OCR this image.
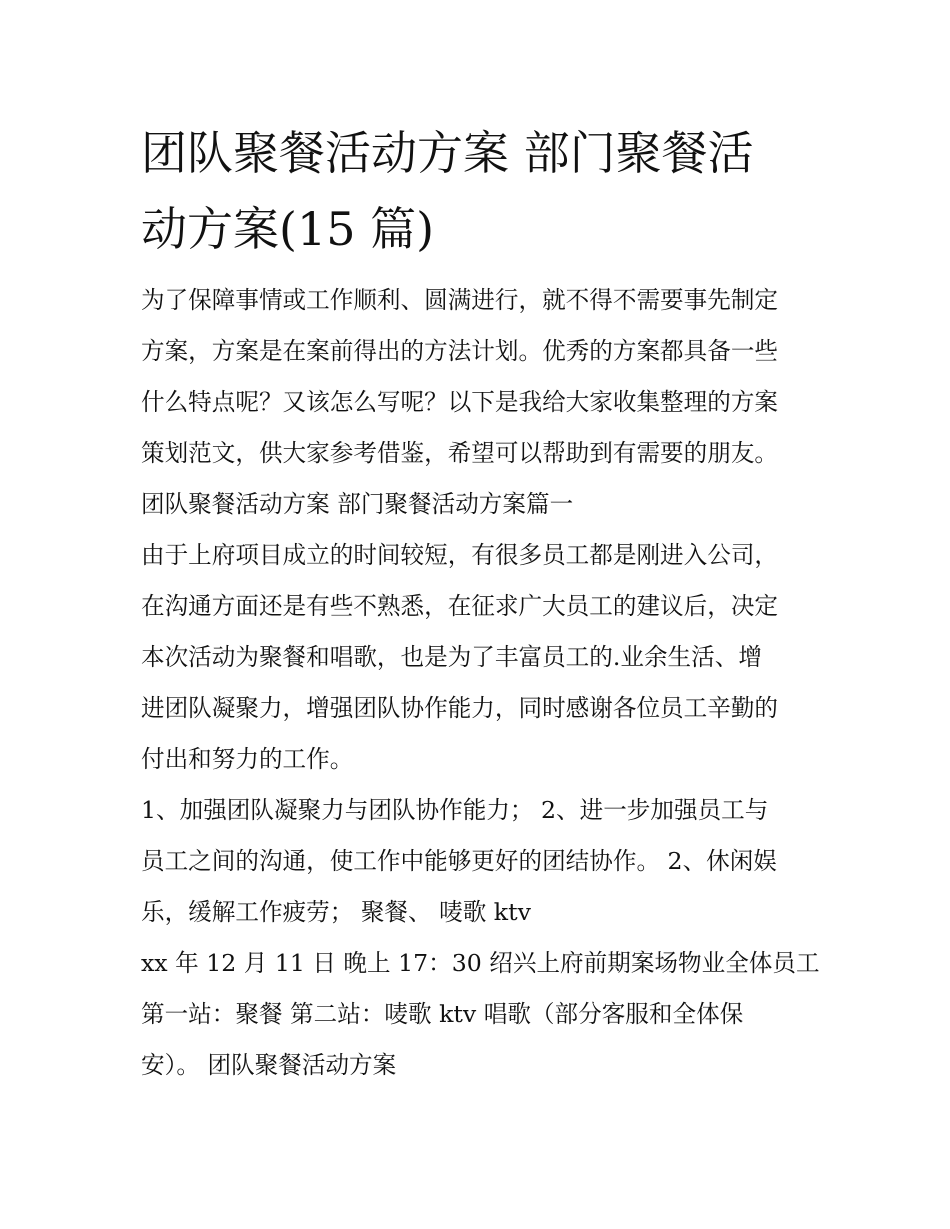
团队聚餐活动方案 部门聚餐活
动方案(15 篇)
为了保障事情或工作顺利、圆满进行，就不得不需要事先制定
方案，方案是在案前得出的方法计划。优秀的方案都具备一些
什么特点呢？又该怎么写呢？以下是我给大家收集整理的方案
策划范文，供大家参考借鉴，希望可以帮助到有需要的朋友。
团队聚餐活动方案 部门聚餐活动方案篇一
由于上府项目成立的时间较短，有很多员工都是刚进入公司，
在沟通方面还是有些不熟悉，在征求广大员工的建议后，决定
本次活动为聚餐和唱歌，也是为了丰富员工的.业余生活、增
进团队凝聚力，增强团队协作能力，同时感谢各位员工辛勤的
付出和努力的工作。
1、加强团队凝聚力与团队协作能力； 2、进一步加强员工与
员工之间的沟通，使工作中能够更好的团结协作。 2、休闲娱
乐，缓解工作疲劳； 聚餐、 唛歌 ktv
xx 年 12 月 11 日 晚上 17：30 绍兴上府前期案场物业全体员工
第一站：聚餐 第二站：唛歌 ktv 唱歌（部分客服和全体保
安）。 团队聚餐活动方案
